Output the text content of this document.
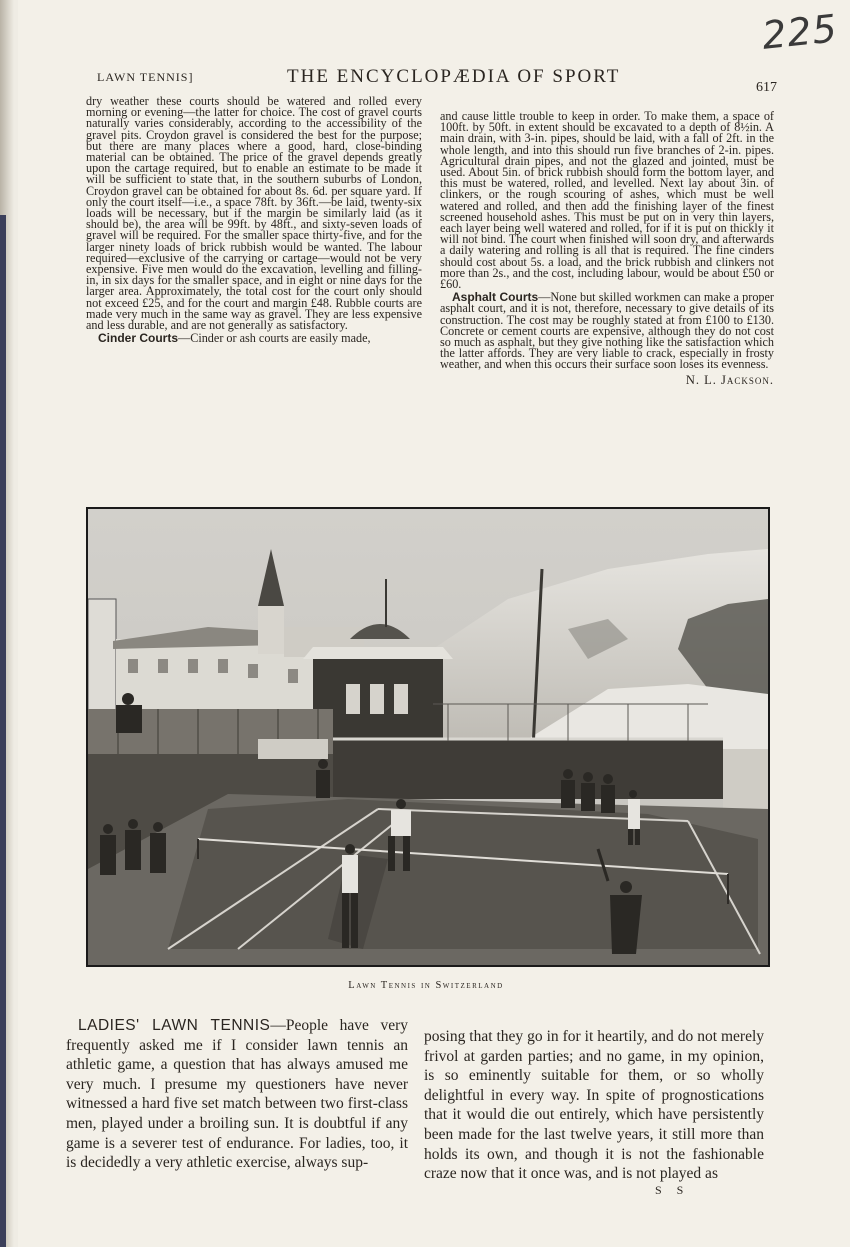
225
LAWN TENNIS]	THE ENCYCLOPÆDIA OF SPORT
617

dry weather these courts should be watered and rolled every morning or evening—the latter for choice. The cost of gravel courts naturally varies considerably, according to the accessibility of the gravel pits. Croydon gravel is considered the best for the purpose; but there are many places where a good, hard, close-binding material can be obtained. The price of the gravel depends greatly upon the cartage required, but to enable an estimate to be made it will be sufficient to state that, in the southern suburbs of London, Croydon gravel can be obtained for about 8s. 6d. per square yard. If only the court itself—i.e., a space 78ft. by 36ft.—be laid, twenty-six loads will be necessary, but if the margin be similarly laid (as it should be), the area will be 99ft. by 48ft., and sixty-seven loads of gravel will be required. For the smaller space thirty-five, and for the larger ninety loads of brick rubbish would be wanted. The labour required—exclusive of the carrying or cartage—would not be very expensive. Five men would do the excavation, levelling and filling-in, in six days for the smaller space, and in eight or nine days for the larger area. Approximately, the total cost for the court only should not exceed £25, and for the court and margin £48. Rubble courts are made very much in the same way as gravel. They are less expensive and less durable, and are not generally as satisfactory.

Cinder Courts—Cinder or ash courts are easily made,

and cause little trouble to keep in order. To make them, a space of 100ft. by 50ft. in extent should be excavated to a depth of 8½in. A main drain, with 3-in. pipes, should be laid, with a fall of 2ft. in the whole length, and into this should run five branches of 2-in. pipes. Agricultural drain pipes, and not the glazed and jointed, must be used. About 5in. of brick rubbish should form the bottom layer, and this must be watered, rolled, and levelled. Next lay about 3in. of clinkers, or the rough scouring of ashes, which must be well watered and rolled, and then add the finishing layer of the finest screened household ashes. This must be put on in very thin layers, each layer being well watered and rolled, for if it is put on thickly it will not bind. The court when finished will soon dry, and afterwards a daily watering and rolling is all that is required. The fine cinders should cost about 5s. a load, and the brick rubbish and clinkers not more than 2s., and the cost, including labour, would be about £50 or £60.

Asphalt Courts—None but skilled workmen can make a proper asphalt court, and it is not, therefore, necessary to give details of its construction. The cost may be roughly stated at from £100 to £130. Concrete or cement courts are expensive, although they do not cost so much as asphalt, but they give nothing like the satisfaction which the latter affords. They are very liable to crack, especially in frosty weather, and when this occurs their surface soon loses its evenness.

N. L. Jackson.
Lawn Tennis in Switzerland

LADIES' LAWN TENNIS—People have very frequently asked me if I consider lawn tennis an athletic game, a question that has always amused me very much. I presume my questioners have never witnessed a hard five set match between two first-class men, played under a broiling sun. It is doubtful if any game is a severer test of endurance. For ladies, too, it is decidedly a very athletic exercise, always sup-

posing that they go in for it heartily, and do not merely frivol at garden parties; and no game, in my opinion, is so eminently suitable for them, or so wholly delightful in every way. In spite of prognostications that it would die out entirely, which have persistently been made for the last twelve years, it still more than holds its own, and though it is not the fashionable craze now that it once was, and is not played as

S S
